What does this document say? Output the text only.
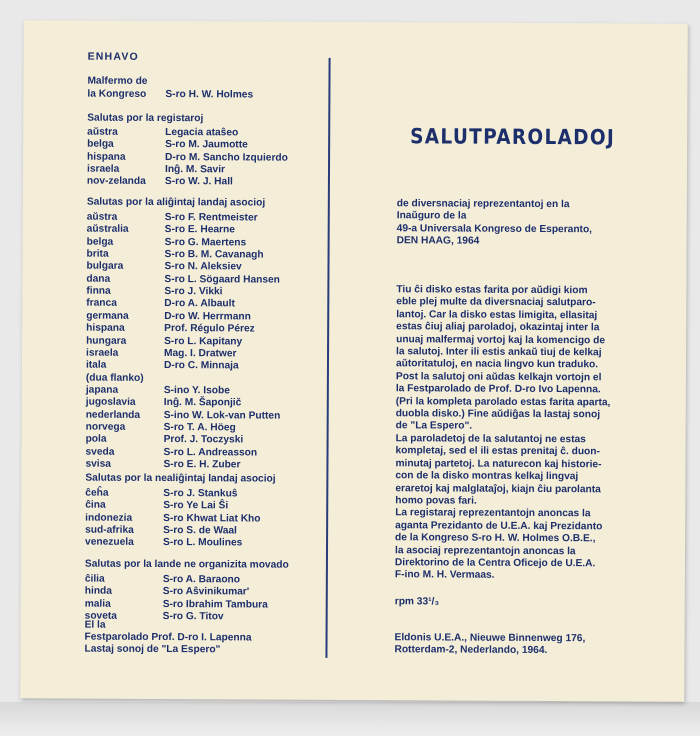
ENHAVO
Malfermo de
la Kongreso S-ro H. W. Holmes
Salutas por la registaroj
aŭstra	Legacia ataŝeo
belga	S-ro M. Jaumotte
hispana	D-ro M. Sancho Izquierdo
israela	Inĝ. M. Savir
nov-zelanda S-ro W. J. Hall
Salutas por la aliĝintaj landaj asocioj
aŭstra	S-ro F. Rentmeister
aŭstralia	S-ro E. Hearne
belga	S-ro G. Maertens
brita	S-ro B. M. Cavanagh
bulgara	S-ro N. Aleksiev
dana	S-ro L. Sögaard Hansen
finna	S-ro J. Vikki
franca	D-ro A. Albault
germana	D-ro W. Herrmann
hispana	Prof. Régulo Pérez
hungara	S-ro L. Kapitany
israela	Mag. I. Dratwer
itala	D-ro C. Minnaja
(dua flanko)
japana	S-ino Y. Isobe
jugoslavia	Inĝ. M. Šaponjič
nederlanda S-ino W. Lok-van Putten
norvega	S-ro T. A. Höeg
pola	Prof. J. Toczyski
sveda	S-ro L. Andreasson
svisa	S-ro E. H. Zuber
Salutas por la nealiĝintaj landaj asocioj
ĉeĥa	S-ro J. Stankuŝ
ĉina	S-ro Ye Lai Ŝi
indonezia	S-ro Khwat Liat Kho
sud-afrika	S-ro S. de Waal
venezuela	S-ro L. Moulines
Salutas por la lande ne organizita movado
ĉilia	S-ro A. Baraono
hinda	S-ro Aŝvinikumar'
malia	S-ro Ibrahim Tambura
soveta	S-ro G. Titov
El la
Festparolado Prof. D-ro I. Lapenna
Lastaj sonoj de "La Espero"
SALUTPAROLADOJ
de diversnaciaj reprezentantoj en la
Inaŭguro de la
49-a Universala Kongreso de Esperanto,
DEN HAAG, 1964
Tiu ĉi disko estas farita por aŭdigi kiom
eble plej multe da diversnaciaj salutparo-
lantoj. Car la disko estas limigita, ellasitaj
estas ĉiuj aliaj paroladoj, okazintaj inter la
unuaj malfermaj vortoj kaj la komencigo de
la salutoj. Inter ili estis ankaŭ tiuj de kelkaj
aŭtoritatuloj, en nacia lingvo kun traduko.
Post la salutoj oni aŭdas kelkajn vortojn el
la Festparolado de Prof. D-ro Ivo Lapenna.
(Pri la kompleta parolado estas farita aparta,
duobla disko.) Fine aŭdiĝas la lastaj sonoj
de "La Espero".
La paroladetoj de la salutantoj ne estas
kompletaj, sed el ili estas prenitaj ĉ. duon-
minutaj partetoj. La naturecon kaj historie-
con de la disko montras kelkaj lingvaj
eraretoj kaj malglataĵoj, kiajn ĉiu parolanta
homo povas fari.
La registaraj reprezentantojn anoncas la
aganta Prezidanto de U.E.A. kaj Prezidanto
de la Kongreso S-ro H. W. Holmes O.B.E.,
la asociaj reprezentantojn anoncas la
Direktorino de la Centra Oficejo de U.E.A.
F-ino M. H. Vermaas.
rpm 33¹/₃
Eldonis U.E.A., Nieuwe Binnenweg 176,
Rotterdam-2, Nederlando, 1964.
